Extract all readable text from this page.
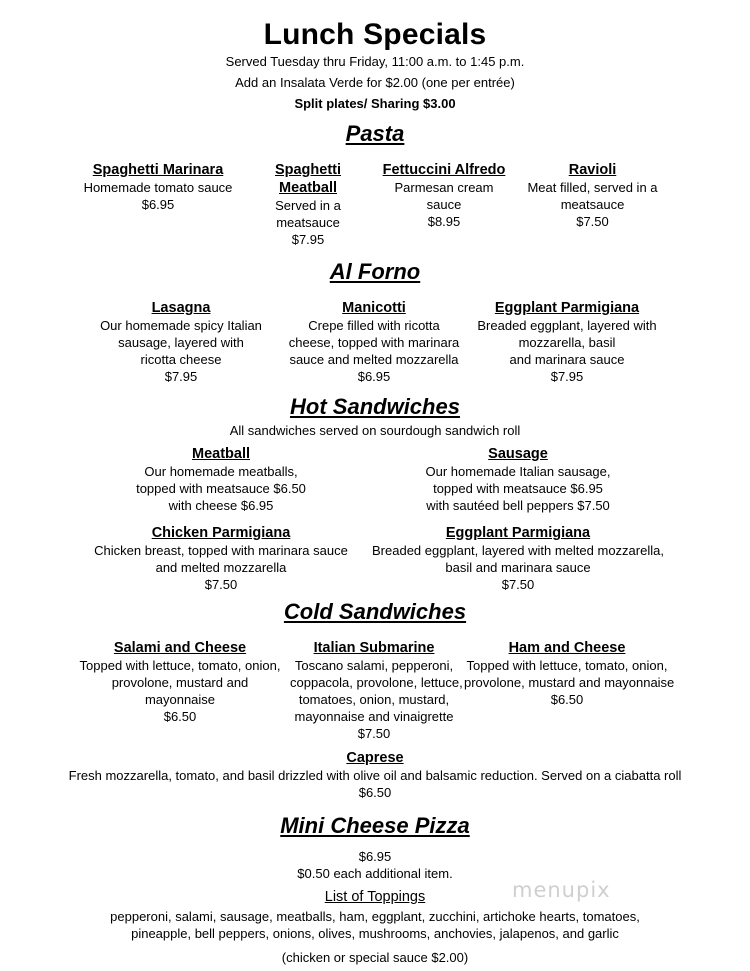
Lunch Specials
Served Tuesday thru Friday, 11:00 a.m. to 1:45 p.m.
Add an Insalata Verde for $2.00 (one per entrée)
Split plates/ Sharing $3.00
Pasta
Spaghetti Marinara
Homemade tomato sauce
$6.95
Spaghetti
Meatball
Served in a
meatsauce
$7.95
Fettuccini Alfredo
Parmesan cream
sauce
$8.95
Ravioli
Meat filled, served in a
meatsauce
$7.50
Al Forno
Lasagna
Our homemade spicy Italian
sausage, layered with
ricotta cheese
$7.95
Manicotti
Crepe filled with ricotta
cheese, topped with marinara
sauce and melted mozzarella
$6.95
Eggplant Parmigiana
Breaded eggplant, layered with
mozzarella, basil
and marinara sauce
$7.95
Hot Sandwiches
All sandwiches served on sourdough sandwich roll
Meatball
Our homemade meatballs,
topped with meatsauce $6.50
with cheese $6.95
Sausage
Our homemade Italian sausage,
topped with meatsauce $6.95
with sautéed bell peppers $7.50
Chicken Parmigiana
Chicken breast, topped with marinara sauce
and melted mozzarella
$7.50
Eggplant Parmigiana
Breaded eggplant, layered with melted mozzarella,
basil and marinara sauce
$7.50
Cold Sandwiches
Salami and Cheese
Topped with lettuce, tomato, onion,
provolone, mustard and
mayonnaise
$6.50
Italian Submarine
Toscano salami, pepperoni,
coppacola, provolone, lettuce,
tomatoes, onion, mustard,
mayonnaise and vinaigrette
$7.50
Ham and Cheese
Topped with lettuce, tomato, onion,
provolone, mustard and mayonnaise
$6.50
Caprese
Fresh mozzarella, tomato, and basil drizzled with olive oil and balsamic reduction. Served on a ciabatta roll
$6.50
Mini Cheese Pizza
$6.95
$0.50 each additional item.
List of Toppings
pepperoni, salami, sausage, meatballs, ham, eggplant, zucchini, artichoke hearts, tomatoes,
pineapple, bell peppers, onions, olives, mushrooms, anchovies, jalapenos, and garlic
(chicken or special sauce $2.00)
menupix
